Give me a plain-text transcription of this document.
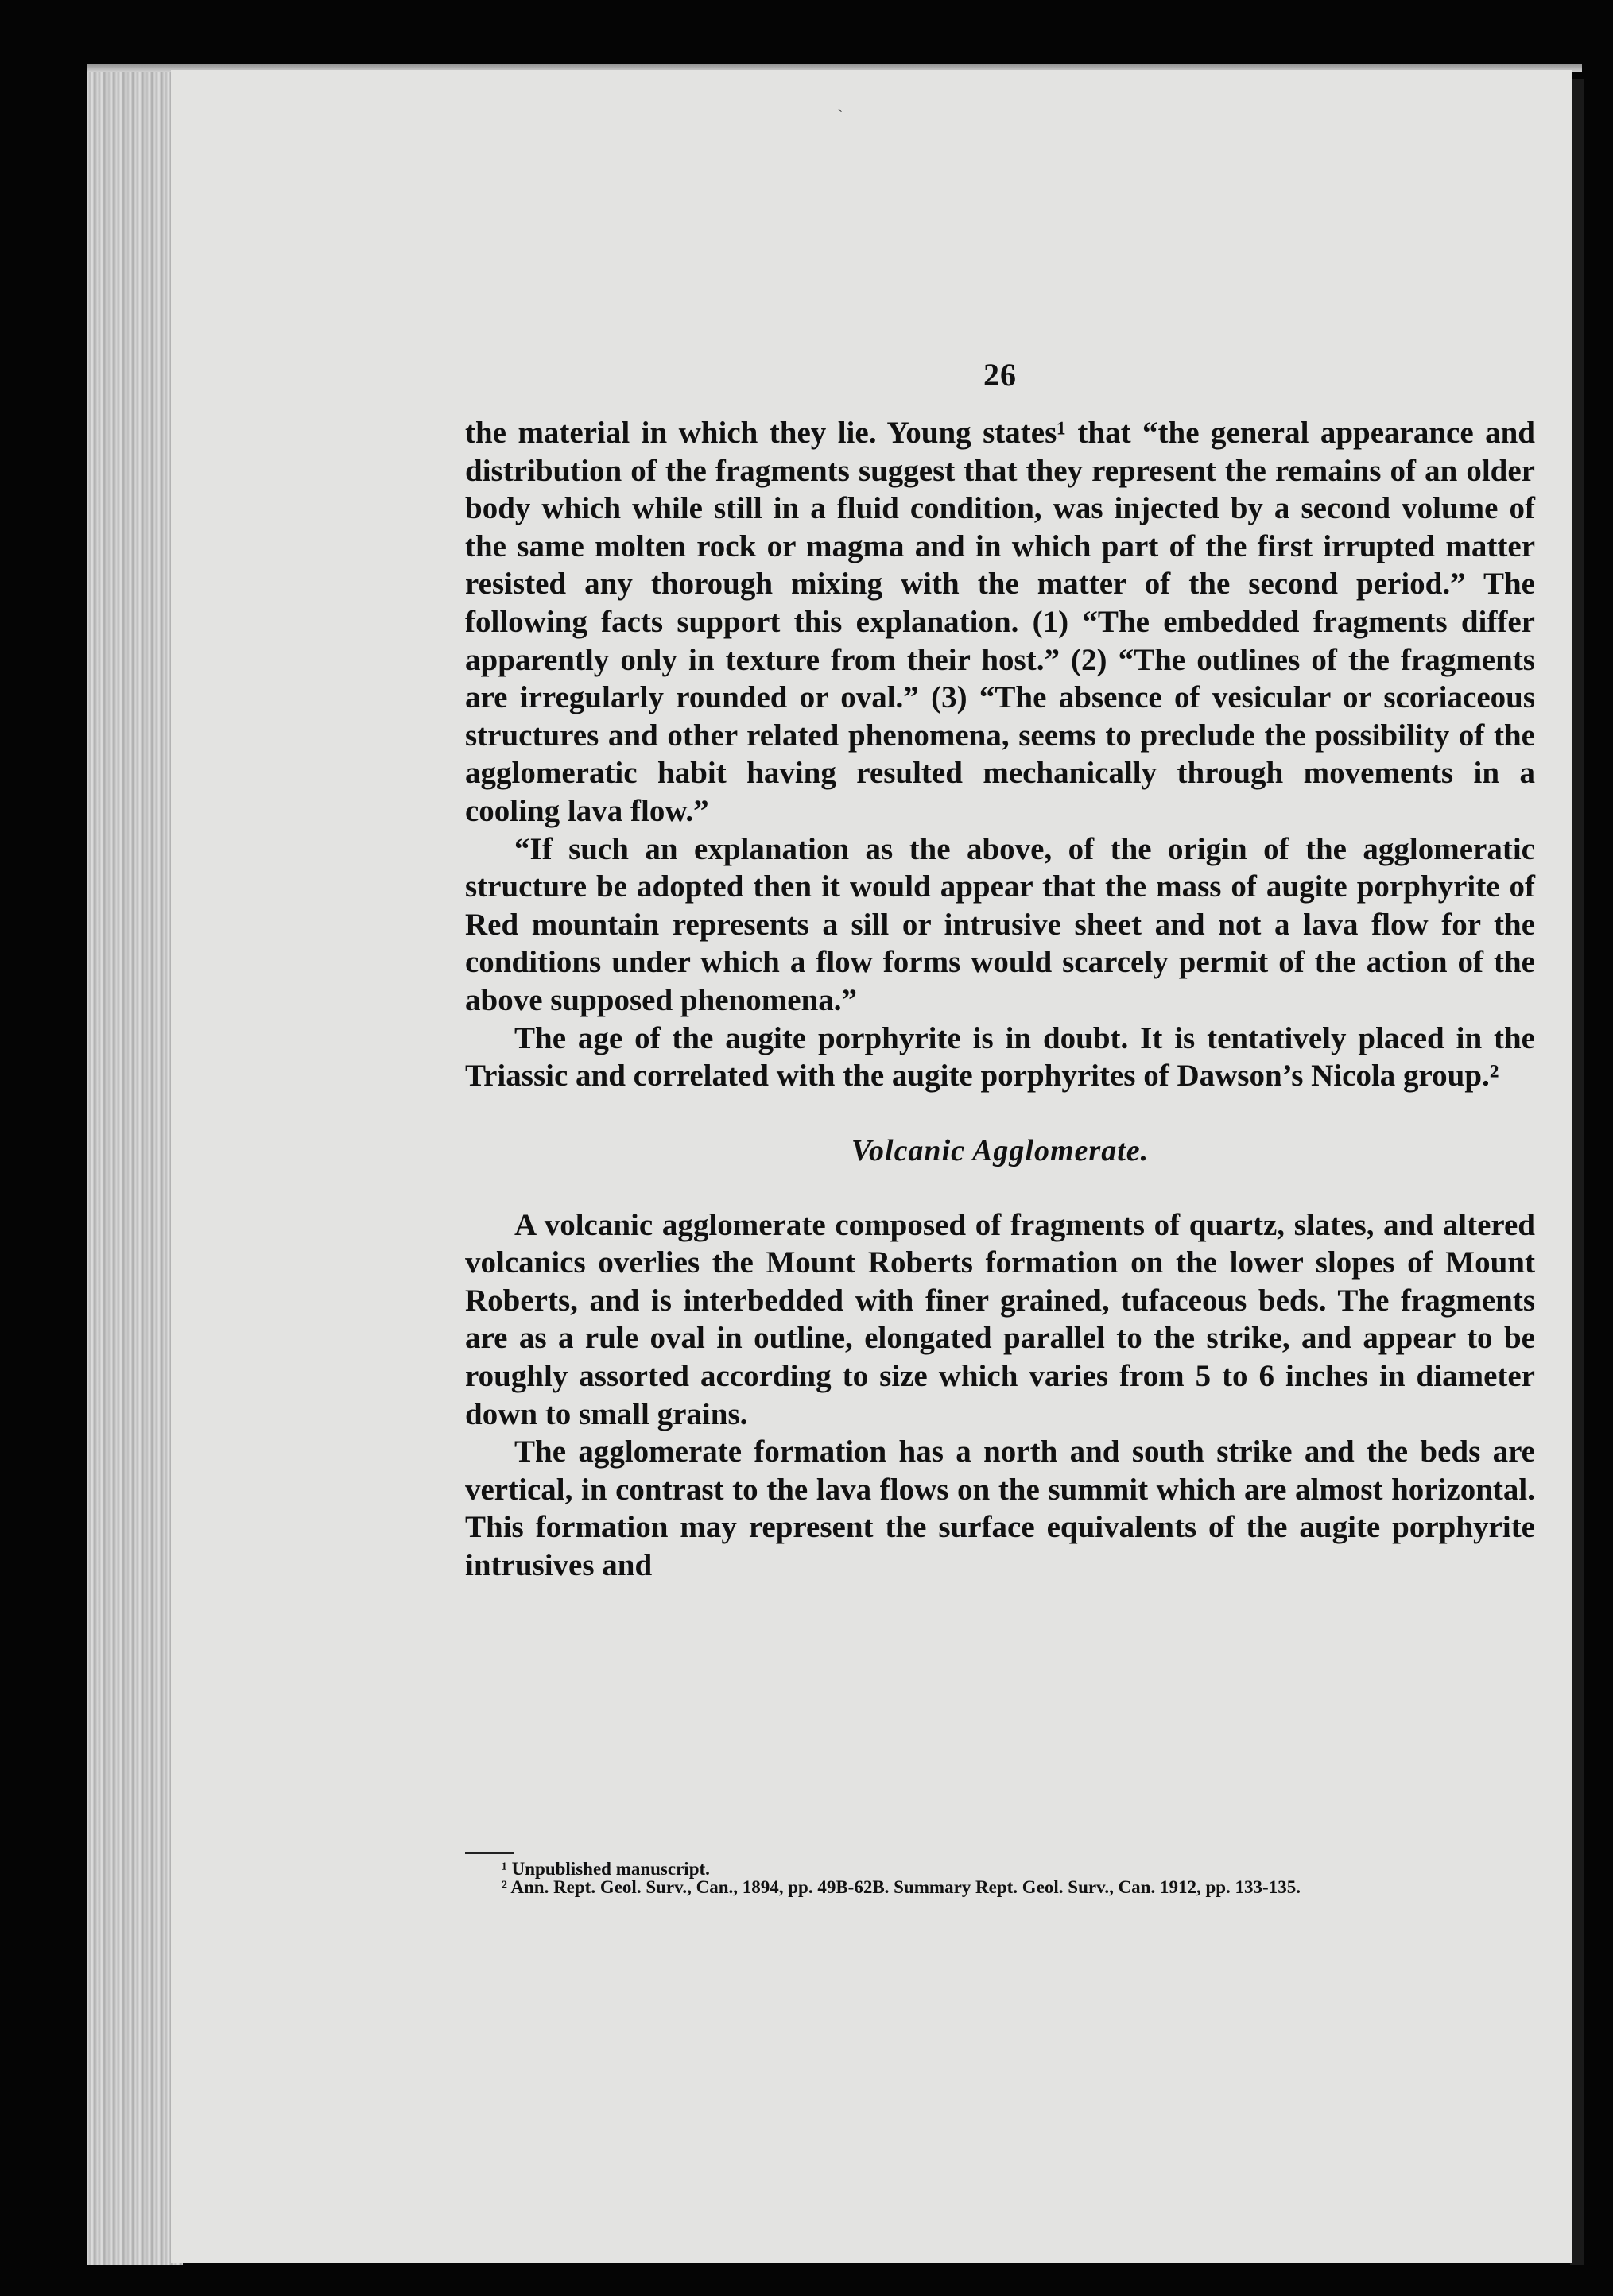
ˏ
26

the material in which they lie. Young states¹ that “the general appearance and distribution of the fragments suggest that they represent the remains of an older body which while still in a fluid condition, was injected by a second volume of the same molten rock or magma and in which part of the first irrupted matter resisted any thorough mixing with the matter of the second period.” The following facts support this explanation. (1) “The embedded fragments differ apparently only in texture from their host.” (2) “The outlines of the fragments are irregularly rounded or oval.” (3) “The absence of vesicular or scoriaceous structures and other related phenomena, seems to preclude the possibility of the agglomeratic habit having resulted mechanically through movements in a cooling lava flow.”

“If such an explanation as the above, of the origin of the agglomeratic structure be adopted then it would appear that the mass of augite porphyrite of Red mountain represents a sill or intrusive sheet and not a lava flow for the conditions under which a flow forms would scarcely permit of the action of the above supposed phenomena.”

The age of the augite porphyrite is in doubt. It is tentatively placed in the Triassic and correlated with the augite porphyrites of Dawson’s Nicola group.²

Volcanic Agglomerate.

A volcanic agglomerate composed of fragments of quartz, slates, and altered volcanics overlies the Mount Roberts formation on the lower slopes of Mount Roberts, and is interbedded with finer grained, tufaceous beds. The fragments are as a rule oval in outline, elongated parallel to the strike, and appear to be roughly assorted according to size which varies from 5 to 6 inches in diameter down to small grains.

The agglomerate formation has a north and south strike and the beds are vertical, in contrast to the lava flows on the summit which are almost horizontal. This formation may represent the surface equivalents of the augite porphyrite intrusives and

¹ Unpublished manuscript.

² Ann. Rept. Geol. Surv., Can., 1894, pp. 49B-62B. Summary Rept. Geol. Surv., Can. 1912, pp. 133-135.
